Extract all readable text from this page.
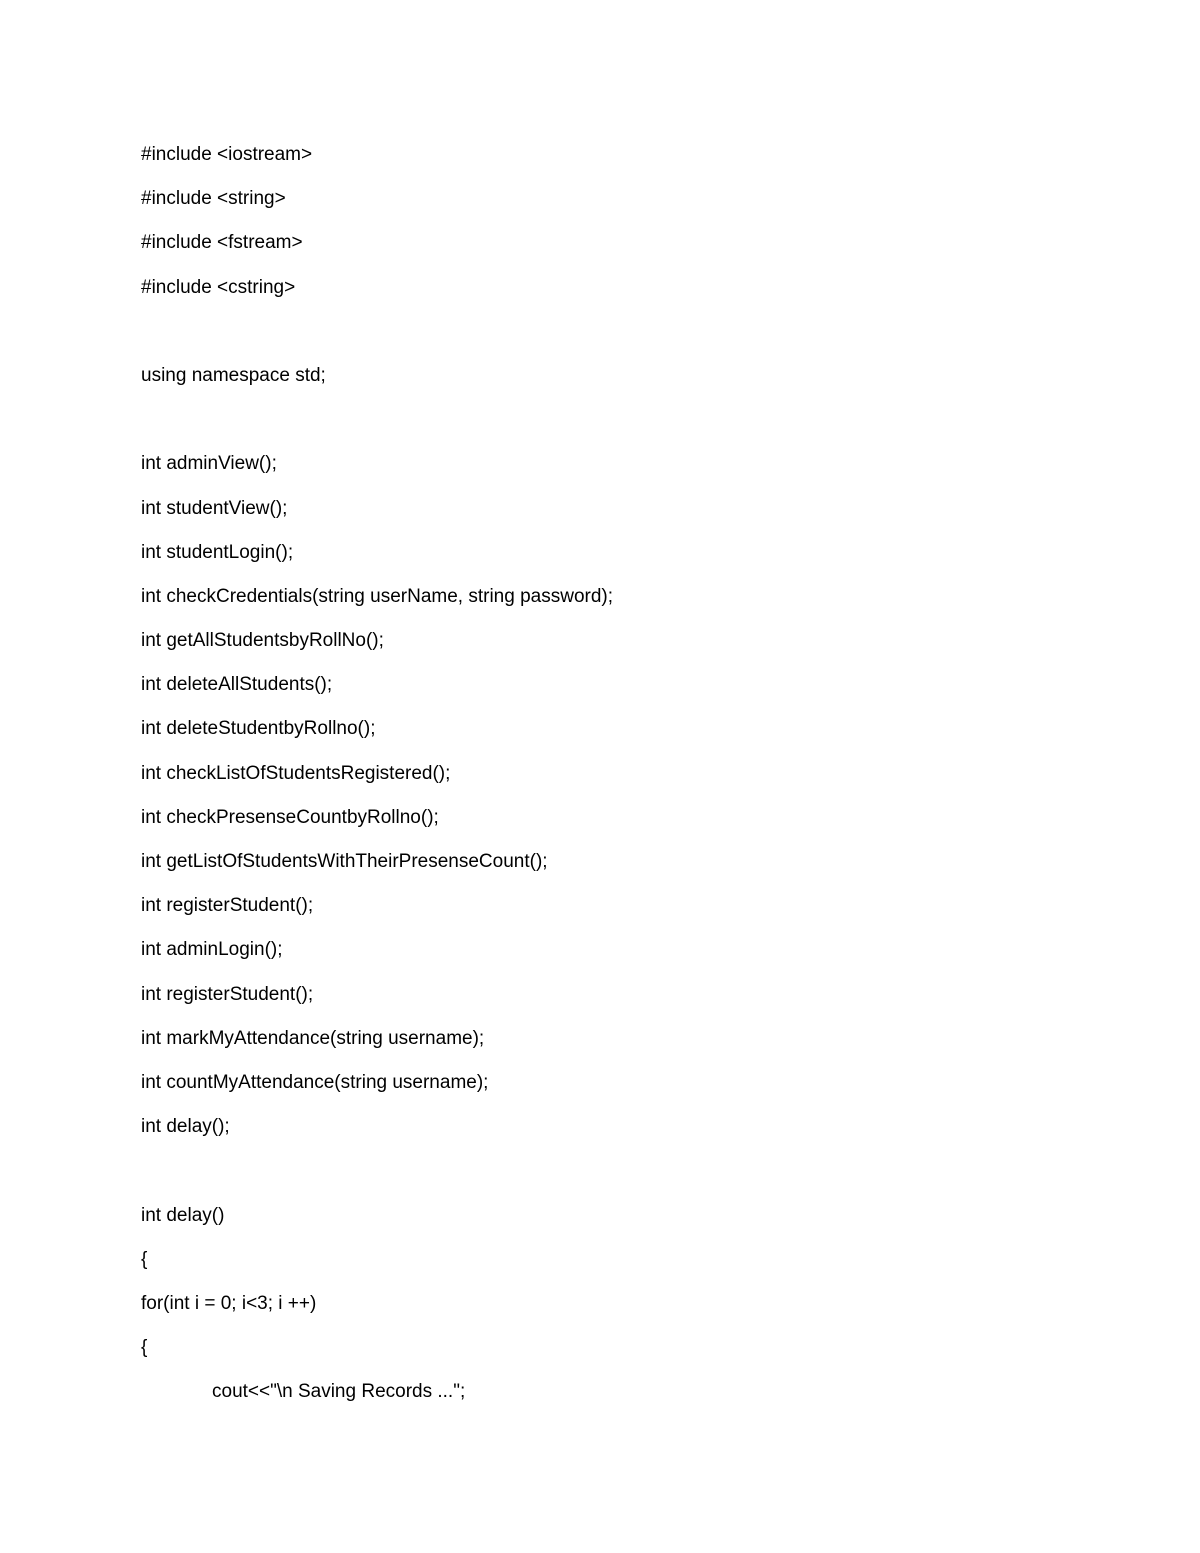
#include <iostream>
#include <string>
#include <fstream>
#include <cstring>
using namespace std;
int adminView();
int studentView();
int studentLogin();
int checkCredentials(string userName, string password);
int getAllStudentsbyRollNo();
int deleteAllStudents();
int deleteStudentbyRollno();
int checkListOfStudentsRegistered();
int checkPresenseCountbyRollno();
int getListOfStudentsWithTheirPresenseCount();
int registerStudent();
int adminLogin();
int registerStudent();
int markMyAttendance(string username);
int countMyAttendance(string username);
int delay();
int delay()
{
for(int i = 0; i<3; i ++)
{
cout<<"\n Saving Records ...";
